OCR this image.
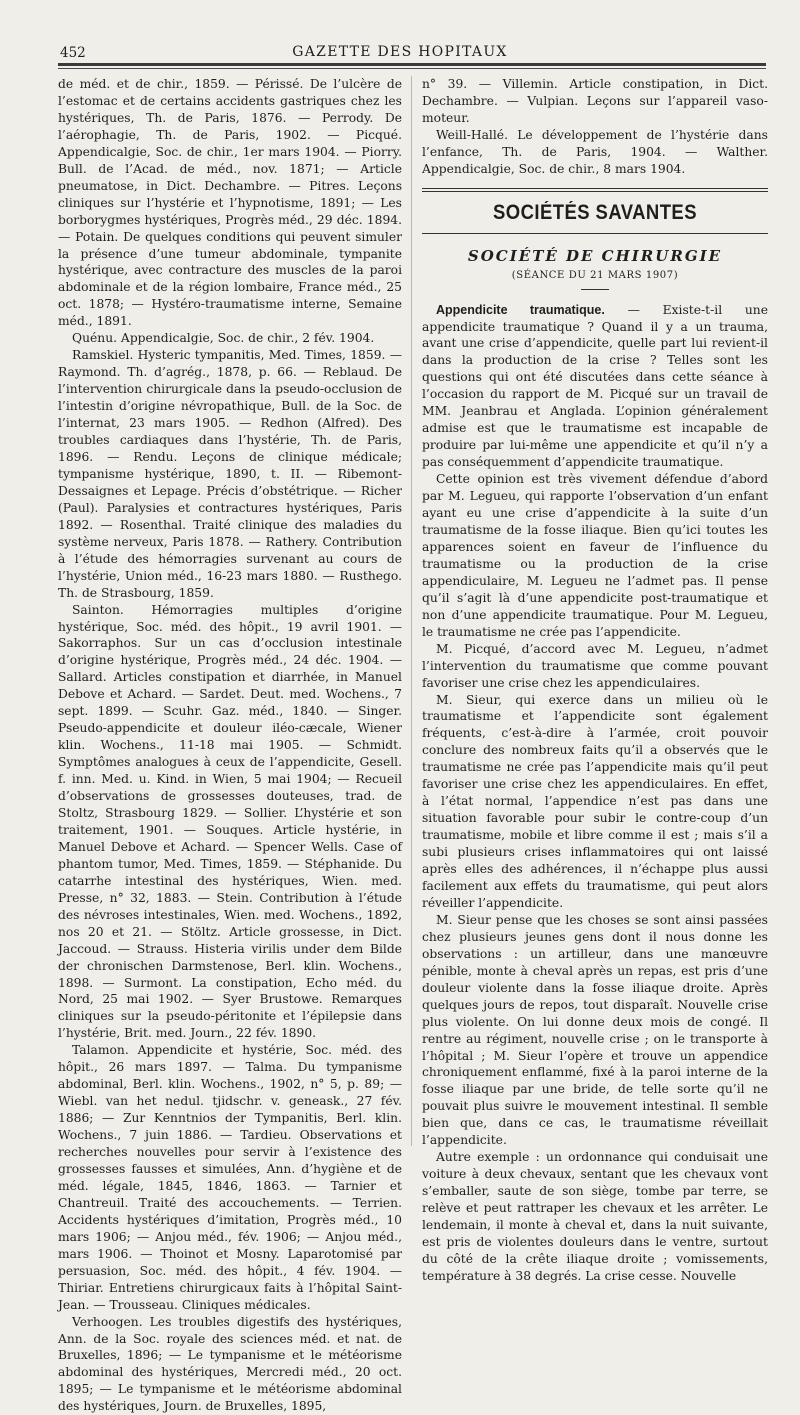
452	GAZETTE DES HOPITAUX

de méd. et de chir., 1859. — Périssé. De l’ulcère de l’estomac et de certains accidents gastriques chez les hystériques, Th. de Paris, 1876. — Perrody. De l’aérophagie, Th. de Paris, 1902. — Picqué. Appendicalgie, Soc. de chir., 1er mars 1904. — Piorry. Bull. de l’Acad. de méd., nov. 1871; — Article pneumatose, in Dict. Dechambre. — Pitres. Leçons cliniques sur l’hystérie et l’hypnotisme, 1891; — Les borborygmes hystériques, Progrès méd., 29 déc. 1894. — Potain. De quelques conditions qui peuvent simuler la présence d’une tumeur abdominale, tympanite hystérique, avec contracture des muscles de la paroi abdominale et de la région lombaire, France méd., 25 oct. 1878; — Hystéro-traumatisme interne, Semaine méd., 1891.

Quénu. Appendicalgie, Soc. de chir., 2 fév. 1904.

Ramskiel. Hysteric tympanitis, Med. Times, 1859. — Raymond. Th. d’agrég., 1878, p. 66. — Reblaud. De l’intervention chirurgicale dans la pseudo-occlusion de l’intestin d’origine névropathique, Bull. de la Soc. de l’internat, 23 mars 1905. — Redhon (Alfred). Des troubles cardiaques dans l’hystérie, Th. de Paris, 1896. — Rendu. Leçons de clinique médicale; tympanisme hystérique, 1890, t. II. — Ribemont-Dessaignes et Lepage. Précis d’obstétrique. — Richer (Paul). Paralysies et contractures hystériques, Paris 1892. — Rosenthal. Traité clinique des maladies du système nerveux, Paris 1878. — Rathery. Contribution à l’étude des hémorragies survenant au cours de l’hystérie, Union méd., 16-23 mars 1880. — Rusthego. Th. de Strasbourg, 1859.

Sainton. Hémorragies multiples d’origine hystérique, Soc. méd. des hôpit., 19 avril 1901. — Sakorraphos. Sur un cas d’occlusion intestinale d’origine hystérique, Progrès méd., 24 déc. 1904. — Sallard. Articles constipation et diarrhée, in Manuel Debove et Achard. — Sardet. Deut. med. Wochens., 7 sept. 1899. — Scuhr. Gaz. méd., 1840. — Singer. Pseudo-appendicite et douleur iléo-cæcale, Wiener klin. Wochens., 11-18 mai 1905. — Schmidt. Symptômes analogues à ceux de l’appendicite, Gesell. f. inn. Med. u. Kind. in Wien, 5 mai 1904; — Recueil d’observations de grossesses douteuses, trad. de Stoltz, Strasbourg 1829. — Sollier. L’hystérie et son traitement, 1901. — Souques. Article hystérie, in Manuel Debove et Achard. — Spencer Wells. Case of phantom tumor, Med. Times, 1859. — Stéphanide. Du catarrhe intestinal des hystériques, Wien. med. Presse, n° 32, 1883. — Stein. Contribution à l’étude des névroses intestinales, Wien. med. Wochens., 1892, nos 20 et 21. — Stöltz. Article grossesse, in Dict. Jaccoud. — Strauss. Histeria virilis under dem Bilde der chronischen Darmstenose, Berl. klin. Wochens., 1898. — Surmont. La constipation, Echo méd. du Nord, 25 mai 1902. — Syer Brustowe. Remarques cliniques sur la pseudo-péritonite et l’épilepsie dans l’hystérie, Brit. med. Journ., 22 fév. 1890.

Talamon. Appendicite et hystérie, Soc. méd. des hôpit., 26 mars 1897. — Talma. Du tympanisme abdominal, Berl. klin. Wochens., 1902, n° 5, p. 89; — Wiebl. van het nedul. tjidschr. v. geneask., 27 fév. 1886; — Zur Kenntnios der Tympanitis, Berl. klin. Wochens., 7 juin 1886. — Tardieu. Observations et recherches nouvelles pour servir à l’existence des grossesses fausses et simulées, Ann. d’hygiène et de méd. légale, 1845, 1846, 1863. — Tarnier et Chantreuil. Traité des accouchements. — Terrien. Accidents hystériques d’imitation, Progrès méd., 10 mars 1906; — Anjou méd., fév. 1906; — Anjou méd., mars 1906. — Thoinot et Mosny. Laparotomisé par persuasion, Soc. méd. des hôpit., 4 fév. 1904. — Thiriar. Entretiens chirurgicaux faits à l’hôpital Saint-Jean. — Trousseau. Cliniques médicales.

Verhoogen. Les troubles digestifs des hystériques, Ann. de la Soc. royale des sciences méd. et nat. de Bruxelles, 1896; — Le tympanisme et le météorisme abdominal des hystériques, Mercredi méd., 20 oct. 1895; — Le tympanisme et le météorisme abdominal des hystériques, Journ. de Bruxelles, 1895,

n° 39. — Villemin. Article constipation, in Dict. Dechambre. — Vulpian. Leçons sur l’appareil vaso-moteur.

Weill-Hallé. Le développement de l’hystérie dans l’enfance, Th. de Paris, 1904. — Walther. Appendicalgie, Soc. de chir., 8 mars 1904.

SOCIÉTÉS SAVANTES
SOCIÉTÉ DE CHIRURGIE
(SÉANCE DU 21 MARS 1907)

Appendicite traumatique. — Existe-t-il une appendicite traumatique ? Quand il y a un trauma, avant une crise d’appendicite, quelle part lui revient-il dans la production de la crise ? Telles sont les questions qui ont été discutées dans cette séance à l’occasion du rapport de M. Picqué sur un travail de MM. Jeanbrau et Anglada. L’opinion généralement admise est que le traumatisme est incapable de produire par lui-même une appendicite et qu’il n’y a pas conséquemment d’appendicite traumatique.

Cette opinion est très vivement défendue d’abord par M. Legueu, qui rapporte l’observation d’un enfant ayant eu une crise d’appendicite à la suite d’un traumatisme de la fosse iliaque. Bien qu’ici toutes les apparences soient en faveur de l’influence du traumatisme ou la production de la crise appendiculaire, M. Legueu ne l’admet pas. Il pense qu’il s’agit là d’une appendicite post-traumatique et non d’une appendicite traumatique. Pour M. Legueu, le traumatisme ne crée pas l’appendicite.

M. Picqué, d’accord avec M. Legueu, n’admet l’intervention du traumatisme que comme pouvant favoriser une crise chez les appendiculaires.

M. Sieur, qui exerce dans un milieu où le traumatisme et l’appendicite sont également fréquents, c’est-à-dire à l’armée, croit pouvoir conclure des nombreux faits qu’il a observés que le traumatisme ne crée pas l’appendicite mais qu’il peut favoriser une crise chez les appendiculaires. En effet, à l’état normal, l’appendice n’est pas dans une situation favorable pour subir le contre-coup d’un traumatisme, mobile et libre comme il est ; mais s’il a subi plusieurs crises inflammatoires qui ont laissé après elles des adhérences, il n’échappe plus aussi facilement aux effets du traumatisme, qui peut alors réveiller l’appendicite.

M. Sieur pense que les choses se sont ainsi passées chez plusieurs jeunes gens dont il nous donne les observations : un artilleur, dans une manœuvre pénible, monte à cheval après un repas, est pris d’une douleur violente dans la fosse iliaque droite. Après quelques jours de repos, tout disparaît. Nouvelle crise plus violente. On lui donne deux mois de congé. Il rentre au régiment, nouvelle crise ; on le transporte à l’hôpital ; M. Sieur l’opère et trouve un appendice chroniquement enflammé, fixé à la paroi interne de la fosse iliaque par une bride, de telle sorte qu’il ne pouvait plus suivre le mouvement intestinal. Il semble bien que, dans ce cas, le traumatisme réveillait l’appendicite.

Autre exemple : un ordonnance qui conduisait une voiture à deux chevaux, sentant que les chevaux vont s’emballer, saute de son siège, tombe par terre, se relève et peut rattraper les chevaux et les arrêter. Le lendemain, il monte à cheval et, dans la nuit suivante, est pris de violentes douleurs dans le ventre, surtout du côté de la crête iliaque droite ; vomissements, température à 38 degrés. La crise cesse. Nouvelle
